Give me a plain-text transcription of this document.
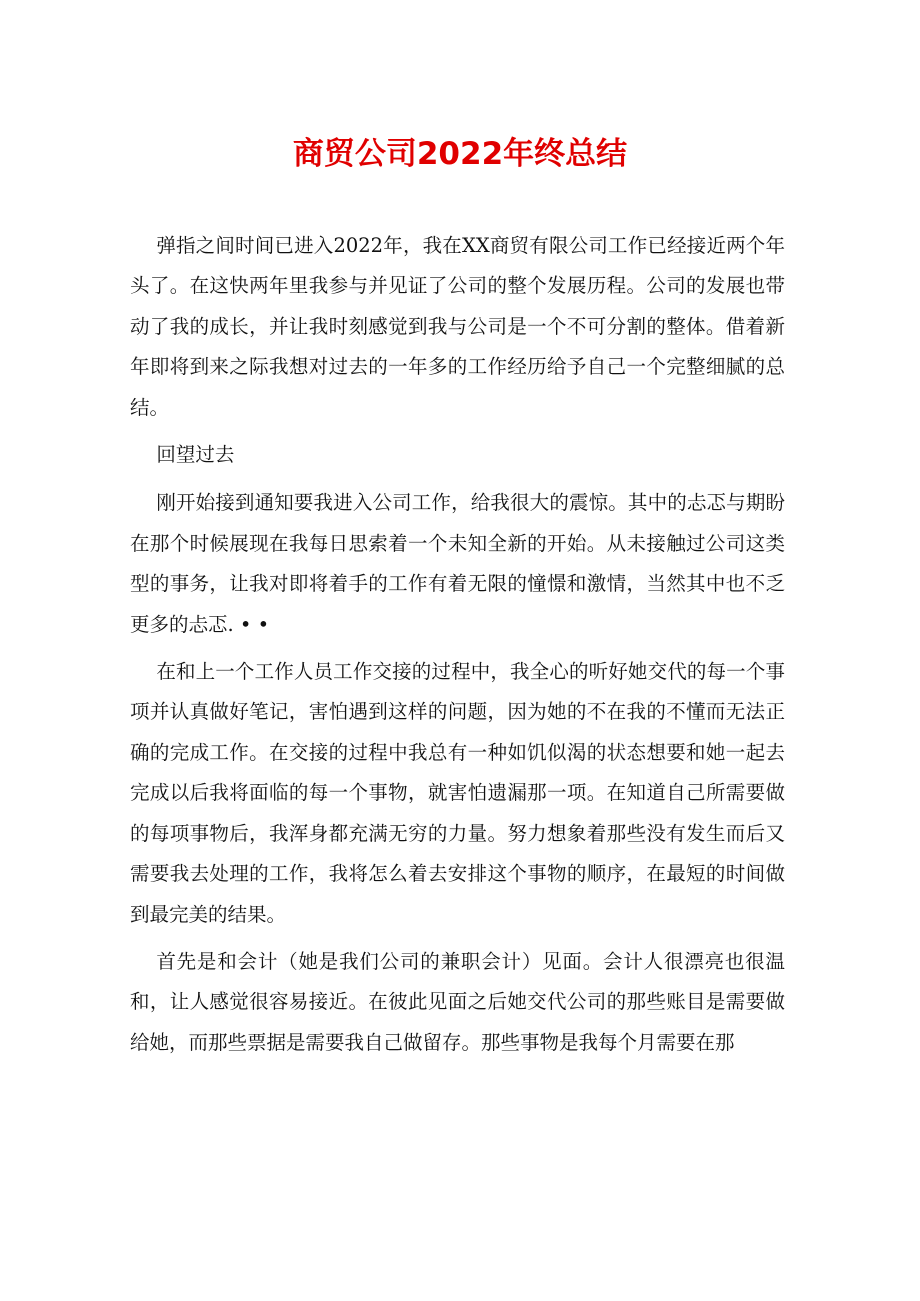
商贸公司2022年终总结

弹指之间时间已进入2022年，我在XX商贸有限公司工作已经接近两个年头了。在这快两年里我参与并见证了公司的整个发展历程。公司的发展也带动了我的成长，并让我时刻感觉到我与公司是一个不可分割的整体。借着新年即将到来之际我想对过去的一年多的工作经历给予自己一个完整细腻的总结。

回望过去

刚开始接到通知要我进入公司工作，给我很大的震惊。其中的忐忑与期盼在那个时候展现在我每日思索着一个未知全新的开始。从未接触过公司这类型的事务，让我对即将着手的工作有着无限的憧憬和激情，当然其中也不乏更多的忐忑. • •

在和上一个工作人员工作交接的过程中，我全心的听好她交代的每一个事项并认真做好笔记，害怕遇到这样的问题，因为她的不在我的不懂而无法正确的完成工作。在交接的过程中我总有一种如饥似渴的状态想要和她一起去完成以后我将面临的每一个事物，就害怕遗漏那一项。在知道自己所需要做的每项事物后，我浑身都充满无穷的力量。努力想象着那些没有发生而后又需要我去处理的工作，我将怎么着去安排这个事物的顺序，在最短的时间做到最完美的结果。

首先是和会计（她是我们公司的兼职会计）见面。会计人很漂亮也很温和，让人感觉很容易接近。在彼此见面之后她交代公司的那些账目是需要做给她，而那些票据是需要我自己做留存。那些事物是我每个月需要在那
